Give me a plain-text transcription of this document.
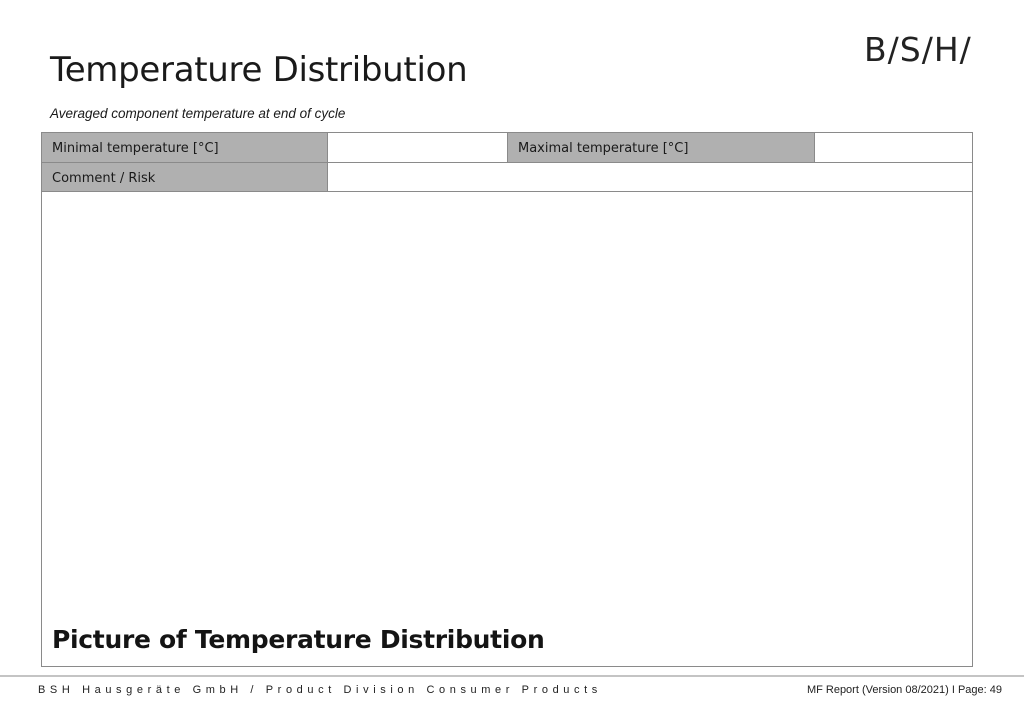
Temperature Distribution
Averaged component temperature at end of cycle
B/S/H/
Minimal temperature [°C]	Maximal temperature [°C]
Comment / Risk
Picture of Temperature Distribution
BSH Hausgeräte GmbH / Product Division Consumer Products	MF Report (Version 08/2021) I Page: 49
